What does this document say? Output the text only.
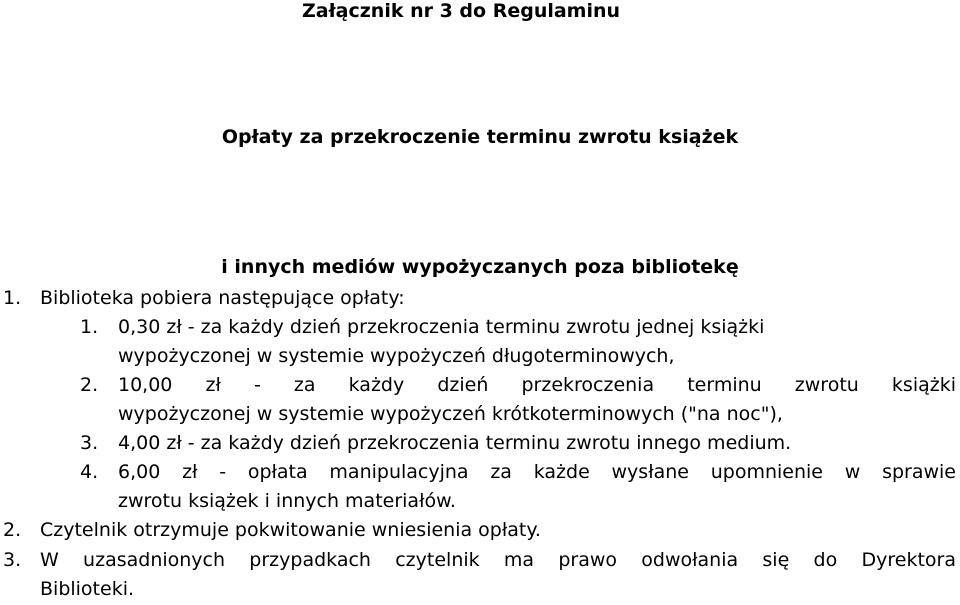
Załącznik nr 3 do Regulaminu

Opłaty za przekroczenie terminu zwrotu książek

i innych mediów wypożyczanych poza bibliotekę

1. Biblioteka pobiera następujące opłaty:
1. 0,30 zł - za każdy dzień przekroczenia terminu zwrotu jednej książki
wypożyczonej w systemie wypożyczeń długoterminowych,
2. 10,00 zł - za każdy dzień przekroczenia terminu zwrotu książki
wypożyczonej w systemie wypożyczeń krótkoterminowych ("na noc"),
3. 4,00 zł - za każdy dzień przekroczenia terminu zwrotu innego medium.
4. 6,00 zł - opłata manipulacyjna za każde wysłane upomnienie w sprawie
zwrotu książek i innych materiałów.
2. Czytelnik otrzymuje pokwitowanie wniesienia opłaty.
3. W uzasadnionych przypadkach czytelnik ma prawo odwołania się do Dyrektora
Biblioteki.
